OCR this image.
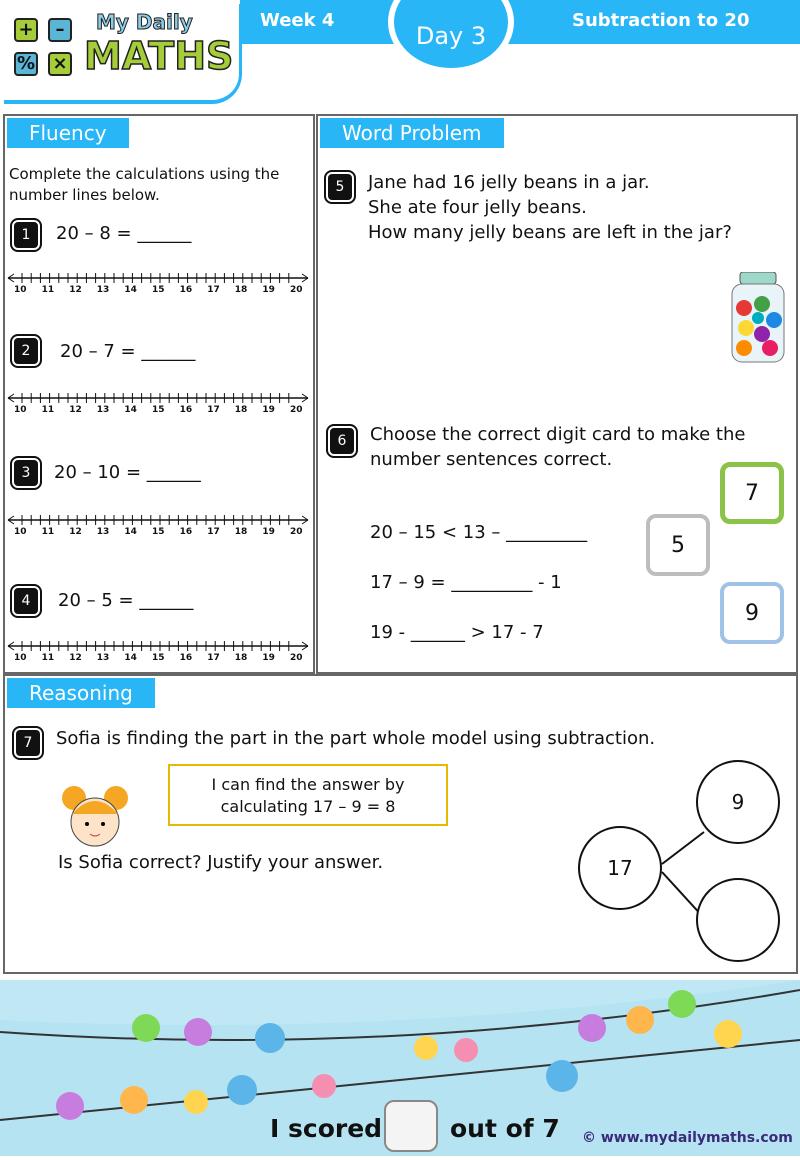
Week 4
Day 3
Subtraction to 20
+	–
% ×
My Daily
MATHS
Fluency
Complete the calculations using the number lines below.
1	20 – 8 = ______
2	20 – 7 = ______
3	20 – 10 = ______
4	20 – 5 = ______
10 11 12 13 14 15 16 17 18 19 20
10 11 12 13 14 15 16 17 18 19 20
10 11 12 13 14 15 16 17 18 19 20
10 11 12 13 14 15 16 17 18 19 20
Word Problem
5	Jane had 16 jelly beans in a jar.
She ate four jelly beans.
How many jelly beans are left in the jar?
6	Choose the correct digit card to make the number sentences correct.
20 – 15 < 13 – _________
17 – 9 = _________ - 1
19 - ______ > 17 - 7
7
5
9
Reasoning
7	Sofia is finding the part in the part whole model using subtraction.
I can find the answer by calculating 17 – 9 = 8
Is Sofia correct? Justify your answer.	17
9
I scored	out of 7 © www.mydailymaths.com
